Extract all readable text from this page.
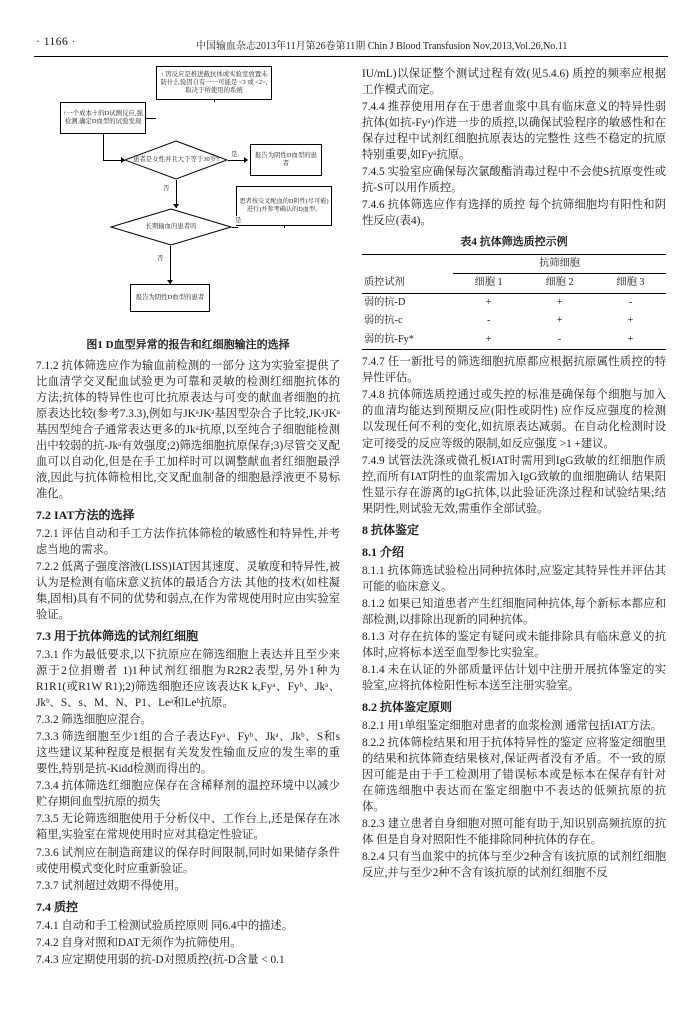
· 1166 ·	中国输血杂志2013年11月第26卷第11期 Chin J Blood Transfusion Nov,2013,Vol.26,No.11
↑ 因反应是推进截抗体或实验室放置未防什么验因自有一一可能是 <3 或 <2>,取决于所使用的系统
↑一个成本十的D试测反应,强检测,确定D血型的试验发现
患者是女性并且大于等于30岁?
报告为阴性D血型的患者
是
否
长期输血的患者吗
患者按交叉配血的D阴性(尽可能)进行)并参考确认的D血型。
是
否
报告为阴性D血型的患者
图1 D血型异常的报告和红细胞输注的选择

7.1.2 抗体筛选应作为输血前检测的一部分 这为实验室提供了比血清学交叉配血试验更为可靠和灵敏的检测红细胞抗体的方法;抗体的特异性也可比抗原表达与可变的献血者细胞的抗原表达比较(参考7.3.3),例如与JKᵃJKᵃ基因型杂合子比较,JKᵃJKᵃ基因型纯合子通常表达更多的Jkᵃ抗原,以至纯合子细胞能检测出中较弱的抗-Jkᵃ有效强度;2)筛选细胞抗原保存;3)尽管交叉配血可以自动化,但是在手工加样时可以调整献血者红细胞最浮液,因此与抗体筛检相比,交叉配血制备的细胞悬浮液更不易标准化。

7.2 IAT方法的选择

7.2.1 评估自动和手工方法作抗体筛检的敏感性和特异性,并考虑当地的需求。

7.2.2 低离子强度溶液(LISS)IAT因其速度、灵敏度和特异性,被认为是检测有临床意义抗体的最适合方法 其他的技术(如柱凝集,固相)具有不同的优势和弱点,在作为常规使用时应由实验室验证。

7.3 用于抗体筛选的试剂红细胞

7.3.1 作为最低要求,以下抗原应在筛选细胞上表达并且至少来源于2位捐赠者 1)1种试剂红细胞为R2R2表型,另外1种为R1R1(或R1W R1);2)筛选细胞还应该表达K k,Fyᵃ、Fyᵇ、Jkᵃ、Jkᵇ、S、s、M、N、P1、Leᵃ和Leᵇ抗原。

7.3.2 筛选细胞应混合。

7.3.3 筛选细胞至少1组的合子表达Fyᵃ、Fyᵇ、Jkᵃ、Jkᵇ、S和s 这些建议某种程度是根据有关发发性输血反应的发生率的重要性,特别是抗-Kidd检测而得出的。

7.3.4 抗体筛选红细胞应保存在含稀释剂的温控环境中以减少贮存期间血型抗原的损失

7.3.5 无论筛选细胞使用于分析仪中、工作台上,还是保存在冰箱里,实验室在常规使用时应对其稳定性验证。

7.3.6 试剂应在制造商建议的保存时间限制,同时如果储存条件或使用模式变化时应重新验证。

7.3.7 试剂超过效期不得使用。

7.4 质控

7.4.1 自动和手工检测试验质控原则 同6.4中的描述。

7.4.2 自身对照和DAT无须作为抗筛使用。

7.4.3 应定期使用弱的抗-D对照质控(抗-D含量 < 0.1

IU/mL)以保证整个测试过程有效(见5.4.6) 质控的频率应根据工作模式而定。

7.4.4 推荐使用用存在于患者血浆中具有临床意义的特异性弱抗体(如抗-Fyᵃ)作进一步的质控,以确保试验程序的敏感性和在保存过程中试剂红细胞抗原表达的完整性 这些不稳定的抗原特别重要,如Fyᵃ抗原。

7.4.5 实验室应确保每次氯酸酯消毒过程中不会使S抗原变性或抗-S可以用作质控。

7.4.6 抗体筛选应作有选择的质控 每个抗筛细胞均有阳性和阴性反应(表4)。

表4 抗体筛选质控示例
质控试剂	抗筛细胞		
	细胞 1	细胞 2	细胞 3
弱的抗-D	+	+	-
弱的抗-c	-	+	+
弱的抗-Fy*	+	-	+

7.4.7 任一新批号的筛选细胞抗原都应根据抗原属性质控的特异性评估。

7.4.8 抗体筛选质控通过或失控的标准是确保每个细胞与加入的血清均能达到预期反应(阳性或阴性) 应作反应强度的检测以发现任何不利的变化,如抗原表达减弱。在自动化检测时设定可接受的反应等级的限制,如反应强度 >1 +建议。

7.4.9 试管法洗涤或微孔板IAT时需用到IgG致敏的红细胞作质控,而所有IAT阴性的血浆需加入IgG致敏的血细胞确认 结果阳性显示存在游离的IgG抗体,以此验证洗涤过程和试验结果;结果阴性,则试验无效,需重作全部试验。

8 抗体鉴定

8.1 介绍

8.1.1 抗体筛选试验检出同种抗体时,应鉴定其特异性并评估其可能的临床意义。

8.1.2 如果已知道患者产生红细胞同种抗体,每个新标本都应和部检测,以排除出现新的同种抗体。

8.1.3 对存在抗体的鉴定有疑问或未能排除具有临床意义的抗体时,应将标本送至血型参比实验室。

8.1.4 未在认证的外部质量评估计划中注册开展抗体鉴定的实验室,应将抗体检阳性标本送至注册实验室。

8.2 抗体鉴定原则

8.2.1 用1单组鉴定细胞对患者的血浆检测 通常包括IAT方法。

8.2.2 抗体筛检结果和用于抗体特异性的鉴定 应将鉴定细胞里的结果和抗体筛查结果核对,保证两者没有矛盾。不一致的原因可能是由于手工检测用了错误标本或是标本在保存有针对在筛选细胞中表达而在鉴定细胞中不表达的低频抗原的抗体。

8.2.3 建立患者自身细胞对照可能有助于,知识别高频抗原的抗体 但是自身对照阳性不能排除同种抗体的存在。

8.2.4 只有当血浆中的抗体与至少2种含有该抗原的试剂红细胞反应,并与至少2种不含有该抗原的试剂红细胞不反
